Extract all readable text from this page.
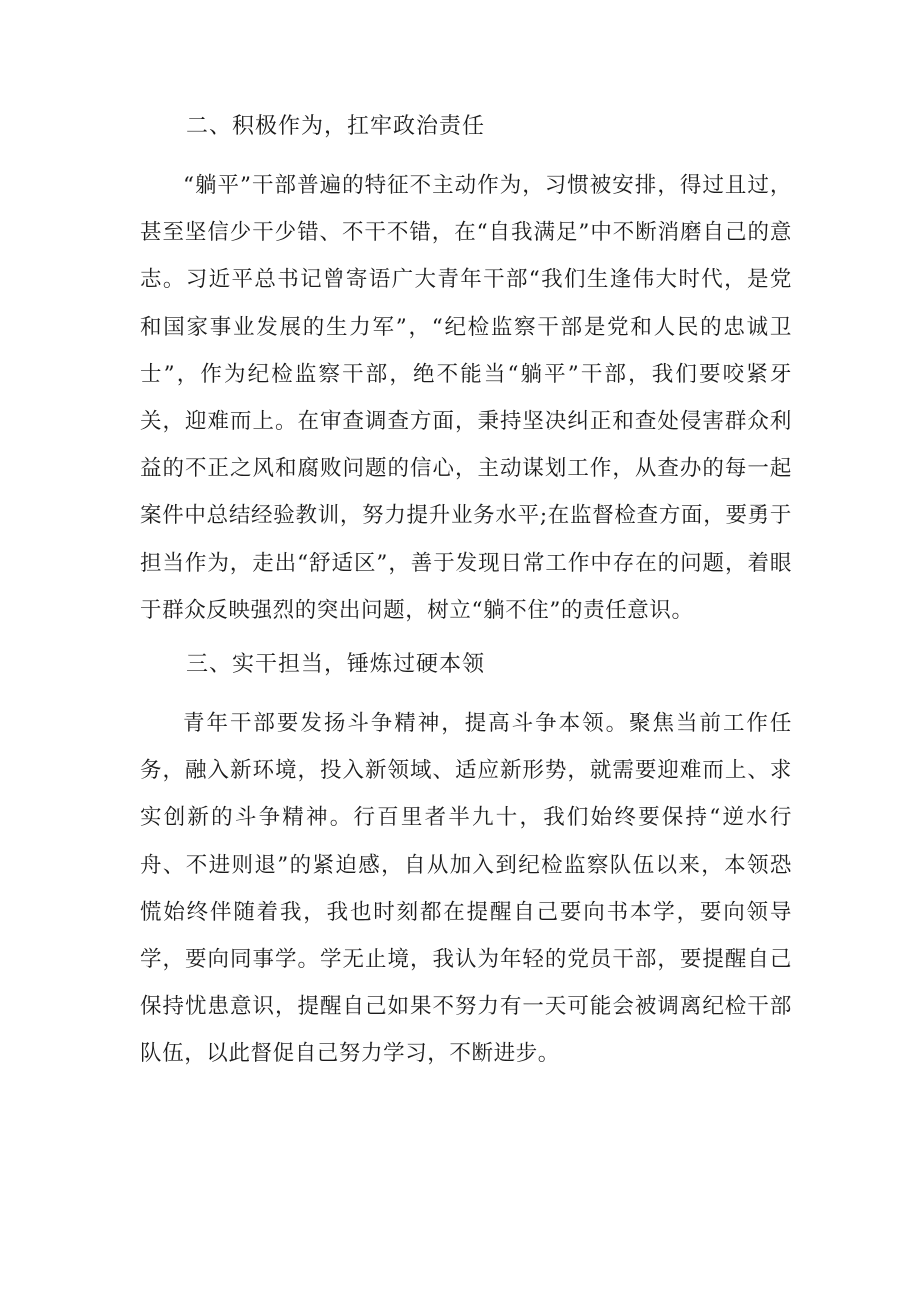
二、积极作为，扛牢政治责任

“躺平”干部普遍的特征不主动作为，习惯被安排，得过且过，甚至坚信少干少错、不干不错，在“自我满足”中不断消磨自己的意志。习近平总书记曾寄语广大青年干部“我们生逢伟大时代，是党和国家事业发展的生力军”，“纪检监察干部是党和人民的忠诚卫士”，作为纪检监察干部，绝不能当“躺平”干部，我们要咬紧牙关，迎难而上。在审查调查方面，秉持坚决纠正和查处侵害群众利益的不正之风和腐败问题的信心，主动谋划工作，从查办的每一起案件中总结经验教训，努力提升业务水平;在监督检查方面，要勇于担当作为，走出“舒适区”，善于发现日常工作中存在的问题，着眼于群众反映强烈的突出问题，树立“躺不住”的责任意识。

三、实干担当，锤炼过硬本领

青年干部要发扬斗争精神，提高斗争本领。聚焦当前工作任务，融入新环境，投入新领域、适应新形势，就需要迎难而上、求实创新的斗争精神。行百里者半九十，我们始终要保持“逆水行舟、不进则退”的紧迫感，自从加入到纪检监察队伍以来，本领恐慌始终伴随着我，我也时刻都在提醒自己要向书本学，要向领导学，要向同事学。学无止境，我认为年轻的党员干部，要提醒自己保持忧患意识，提醒自己如果不努力有一天可能会被调离纪检干部队伍，以此督促自己努力学习，不断进步。
